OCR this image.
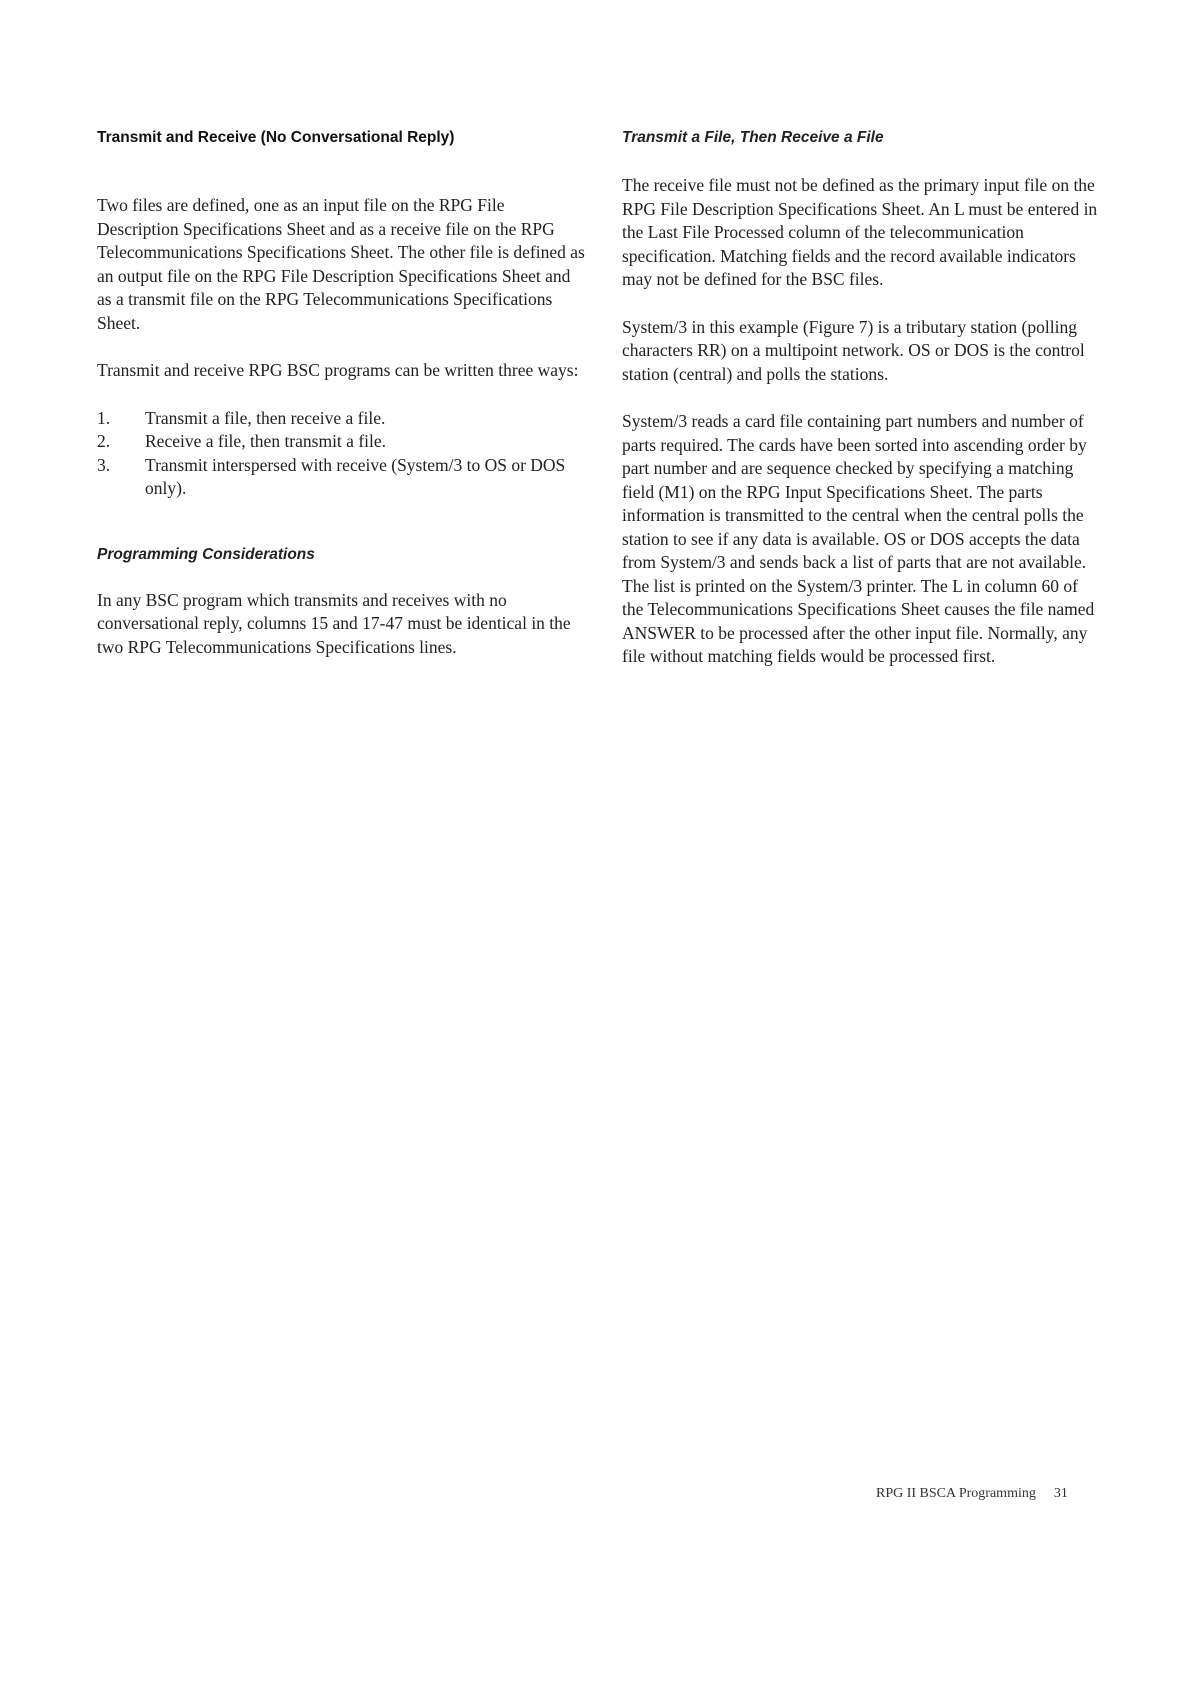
Transmit and Receive (No Conversational Reply)

Two files are defined, one as an input file on the RPG File Description Specifications Sheet and as a receive file on the RPG Telecommunications Specifications Sheet. The other file is defined as an output file on the RPG File Description Specifications Sheet and as a transmit file on the RPG Telecommunications Specifications Sheet.

Transmit and receive RPG BSC programs can be written three ways:

1.	Transmit a file, then receive a file.
2.	Receive a file, then transmit a file.
3.	Transmit interspersed with receive (System/3 to OS or DOS only).
Programming Considerations

In any BSC program which transmits and receives with no conversational reply, columns 15 and 17-47 must be identical in the two RPG Telecommunications Specifications lines.

Transmit a File, Then Receive a File

The receive file must not be defined as the primary input file on the RPG File Description Specifications Sheet. An L must be entered in the Last File Processed column of the telecommunication specification. Matching fields and the record available indicators may not be defined for the BSC files.

System/3 in this example (Figure 7) is a tributary station (polling characters RR) on a multipoint network. OS or DOS is the control station (central) and polls the stations.

System/3 reads a card file containing part numbers and number of parts required. The cards have been sorted into ascending order by part number and are sequence checked by specifying a matching field (M1) on the RPG Input Specifications Sheet. The parts information is transmitted to the central when the central polls the station to see if any data is available. OS or DOS accepts the data from System/3 and sends back a list of parts that are not available. The list is printed on the System/3 printer. The L in column 60 of the Telecommunications Specifications Sheet causes the file named ANSWER to be processed after the other input file. Normally, any file without matching fields would be processed first.

RPG II BSCA Programming 31
